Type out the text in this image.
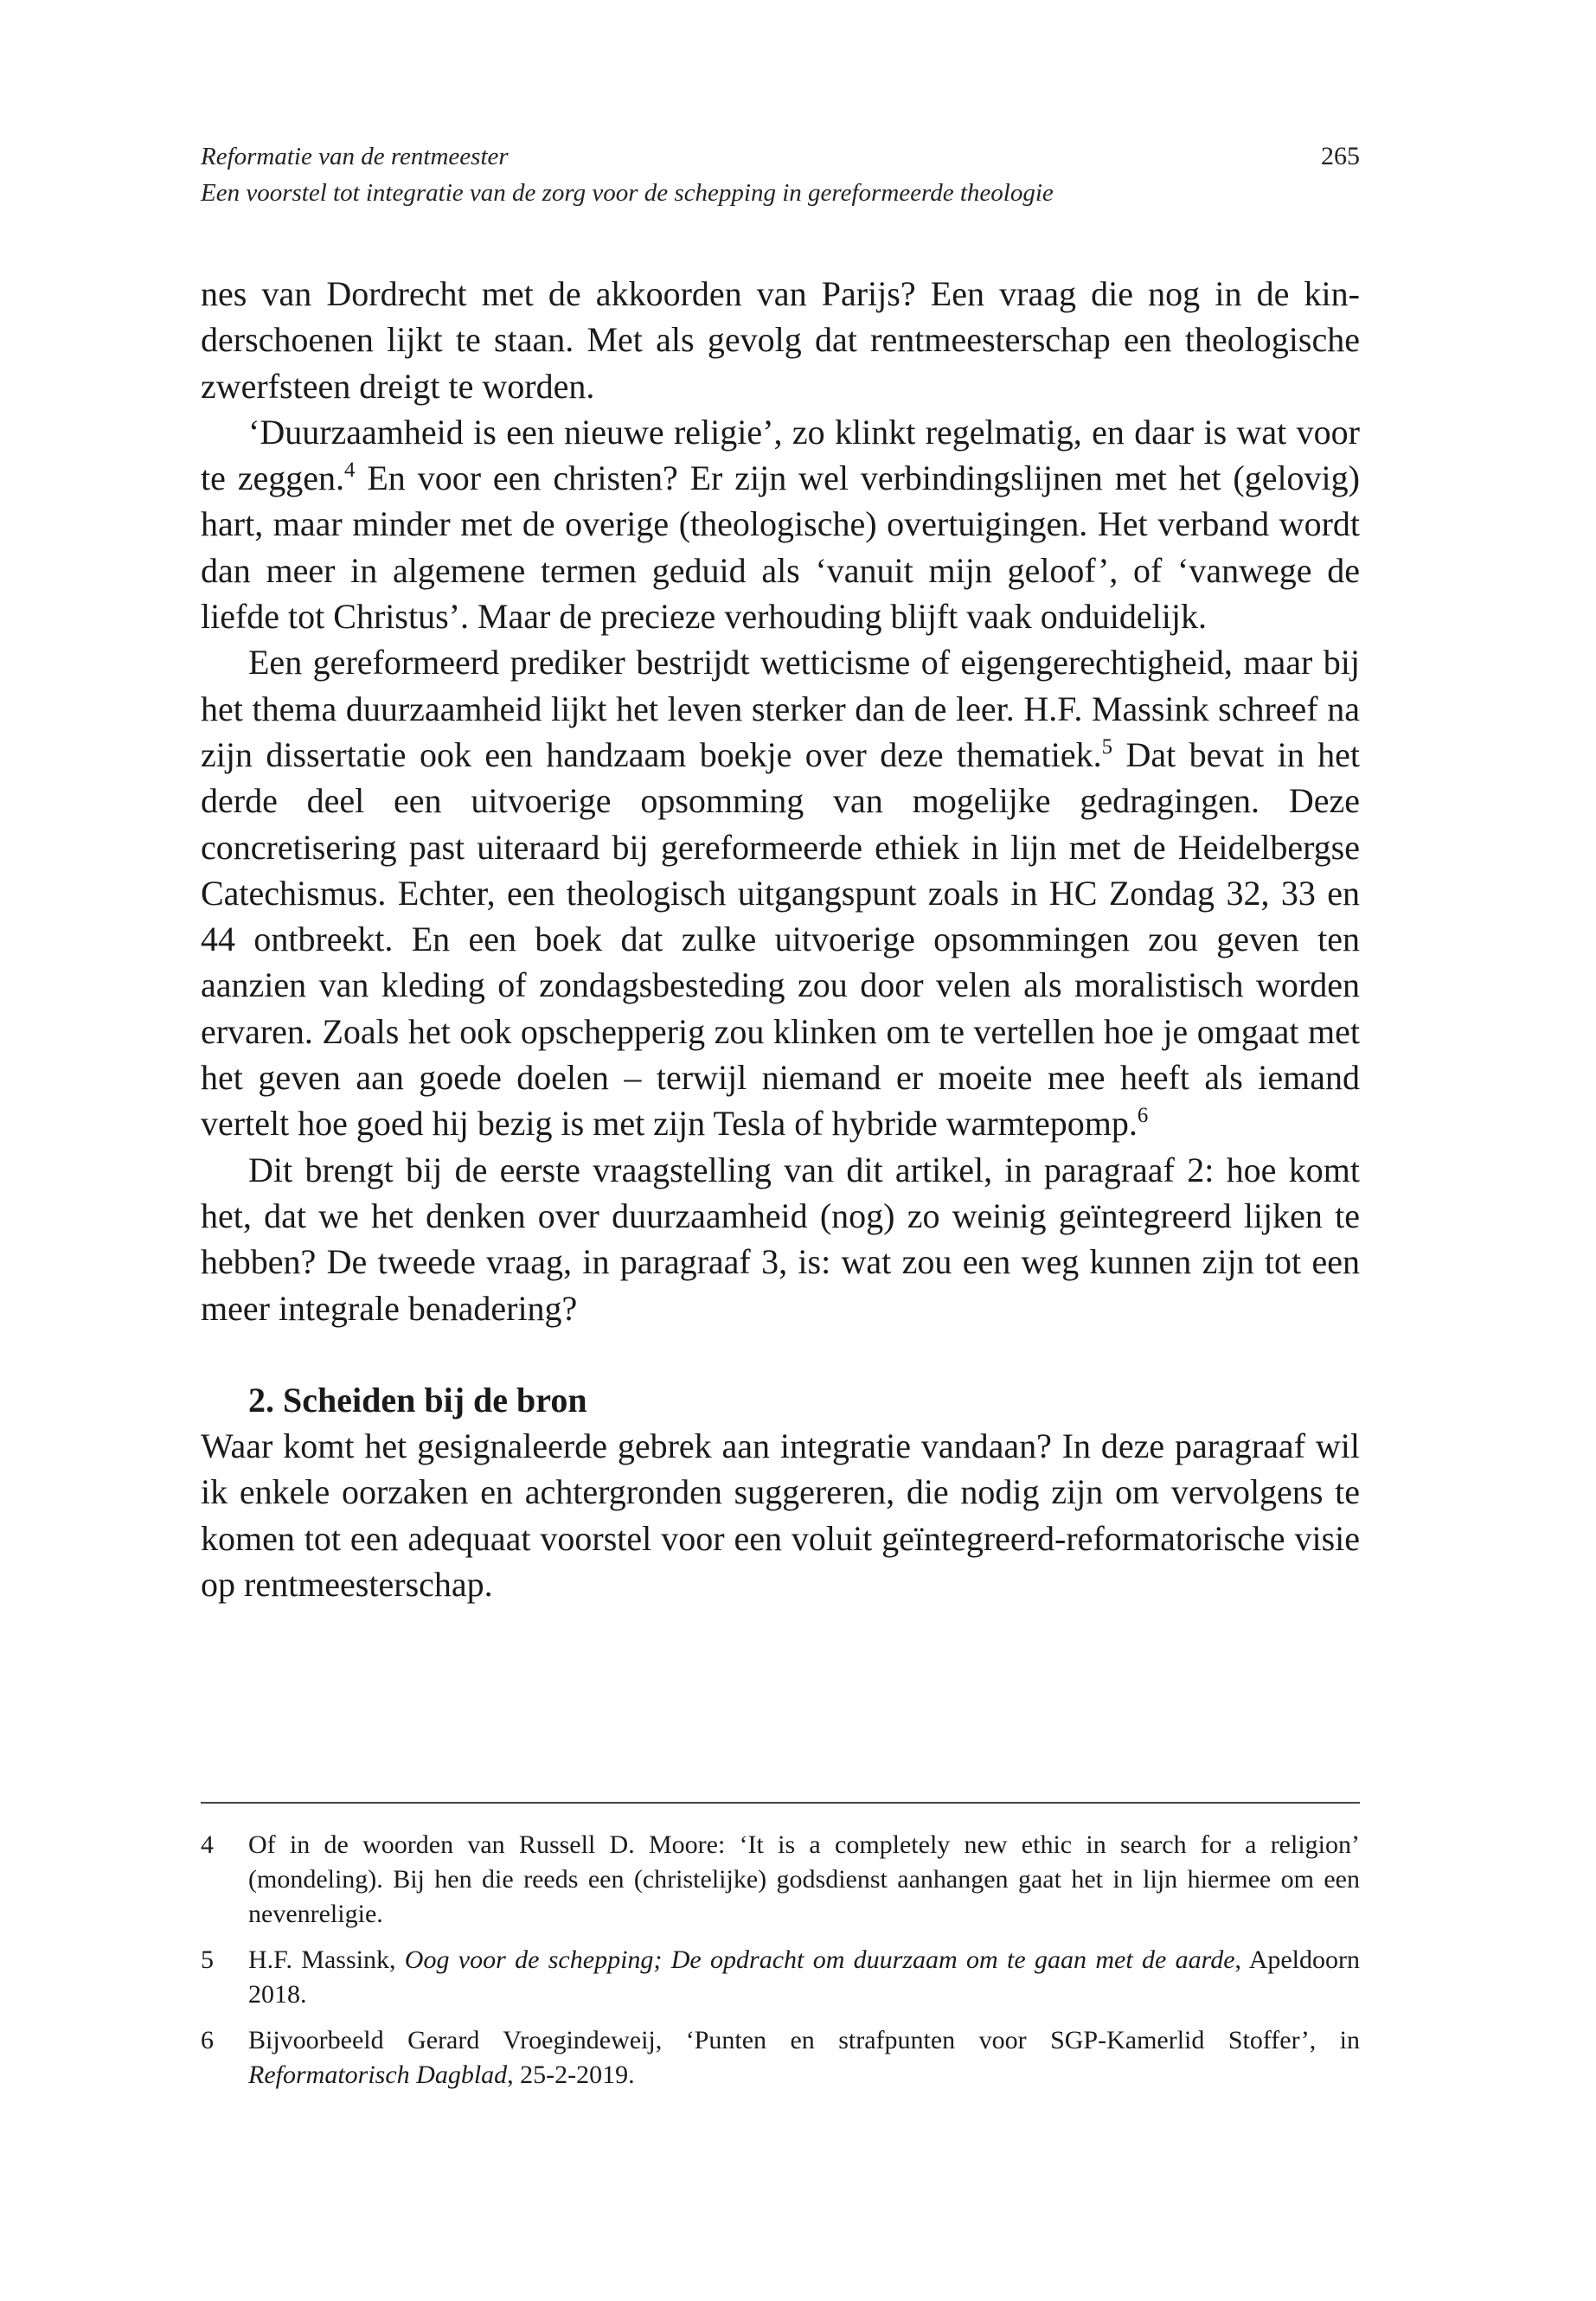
Reformatie van de rentmeester
Een voorstel tot integratie van de zorg voor de schepping in gereformeerde theologie
265

nes van Dordrecht met de akkoorden van Parijs? Een vraag die nog in de kinderschoenen lijkt te staan. Met als gevolg dat rentmeesterschap een theologische zwerfsteen dreigt te worden.

‘Duurzaamheid is een nieuwe religie’, zo klinkt regelmatig, en daar is wat voor te zeggen.$^4$ En voor een christen? Er zijn wel verbindingslijnen met het (gelovig) hart, maar minder met de overige (theologische) overtuigingen. Het verband wordt dan meer in algemene termen geduid als ‘vanuit mijn geloof’, of ‘vanwege de liefde tot Christus’. Maar de precieze verhouding blijft vaak onduidelijk.

Een gereformeerd prediker bestrijdt wetticisme of eigengerechtigheid, maar bij het thema duurzaamheid lijkt het leven sterker dan de leer. H.F. Massink schreef na zijn dissertatie ook een handzaam boekje over deze thematiek.$^5$ Dat bevat in het derde deel een uitvoerige opsomming van mogelijke gedragingen. Deze concretisering past uiteraard bij gereformeerde ethiek in lijn met de Heidelbergse Catechismus. Echter, een theologisch uitgangspunt zoals in HC Zondag 32, 33 en 44 ontbreekt. En een boek dat zulke uitvoerige opsommingen zou geven ten aanzien van kleding of zondagsbesteding zou door velen als moralistisch worden ervaren. Zoals het ook opschepperig zou klinken om te vertellen hoe je omgaat met het geven aan goede doelen – terwijl niemand er moeite mee heeft als iemand vertelt hoe goed hij bezig is met zijn Tesla of hybride warmtepomp.$^6$

Dit brengt bij de eerste vraagstelling van dit artikel, in paragraaf 2: hoe komt het, dat we het denken over duurzaamheid (nog) zo weinig geïntegreerd lijken te hebben? De tweede vraag, in paragraaf 3, is: wat zou een weg kunnen zijn tot een meer integrale benadering?

2. Scheiden bij de bron

Waar komt het gesignaleerde gebrek aan integratie vandaan? In deze paragraaf wil ik enkele oorzaken en achtergronden suggereren, die nodig zijn om vervolgens te komen tot een adequaat voorstel voor een voluit geïntegreerd-reformatorische visie op rentmeesterschap.

4 Of in de woorden van Russell D. Moore: ‘It is a completely new ethic in search for a religion’ (mondeling). Bij hen die reeds een (christelijke) godsdienst aanhangen gaat het in lijn hiermee om een nevenreligie.
5 H.F. Massink, Oog voor de schepping; De opdracht om duurzaam om te gaan met de aarde, Apeldoorn 2018.
6 Bijvoorbeeld Gerard Vroegindeweij, ‘Punten en strafpunten voor SGP-Kamerlid Stoffer’, in Reformatorisch Dagblad, 25-2-2019.
